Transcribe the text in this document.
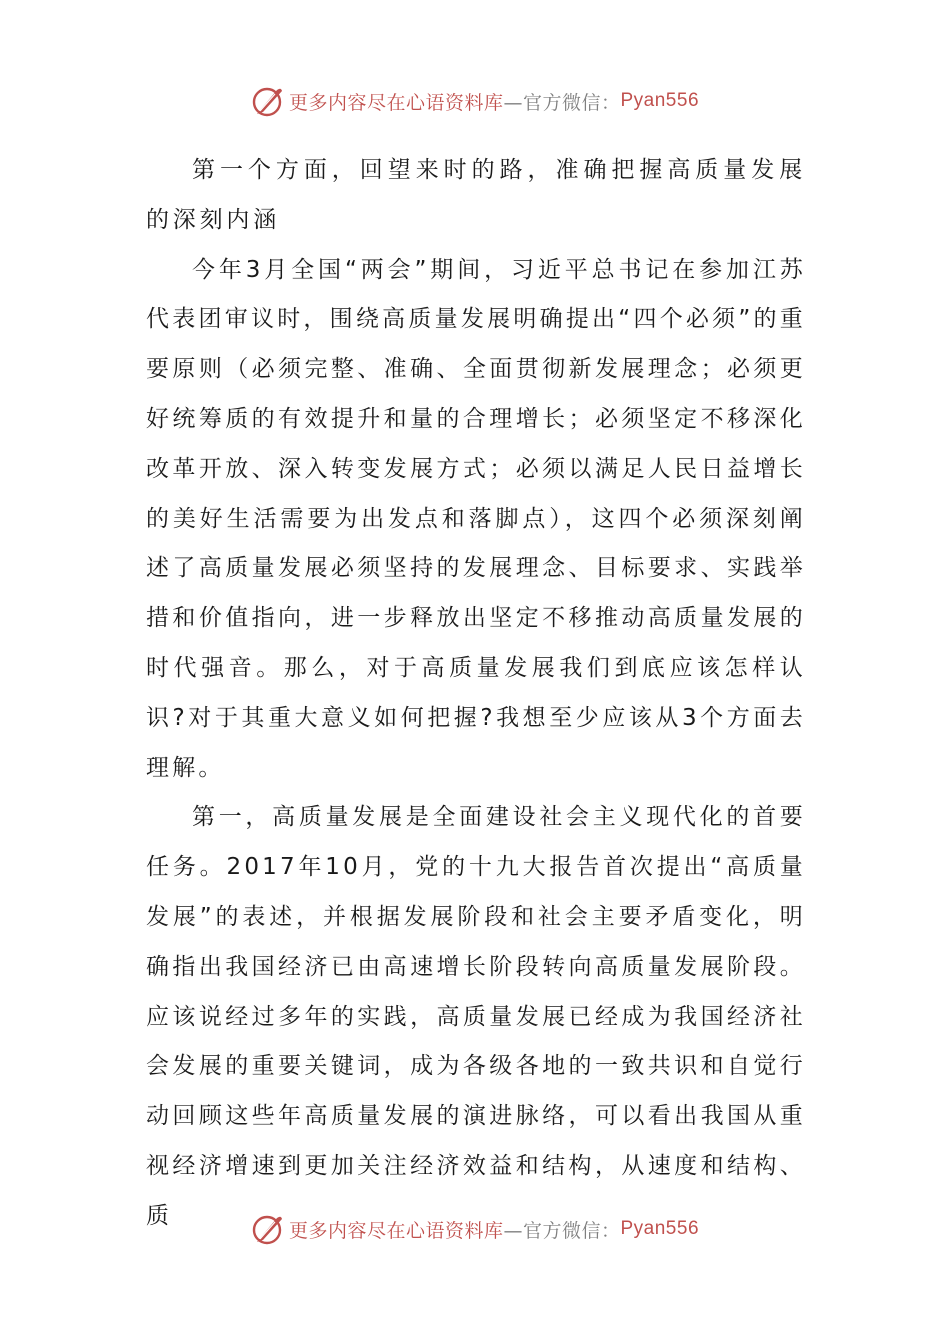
更多内容尽在心语资料库 —官方微信： Pyan556

第一个方面，回望来时的路，准确把握高质量发展的深刻内涵

今年3月全国“两会”期间，习近平总书记在参加江苏代表团审议时，围绕高质量发展明确提出“四个必须”的重要原则（必须完整、准确、全面贯彻新发展理念；必须更好统筹质的有效提升和量的合理增长；必须坚定不移深化改革开放、深入转变发展方式；必须以满足人民日益增长的美好生活需要为出发点和落脚点），这四个必须深刻阐述了高质量发展必须坚持的发展理念、目标要求、实践举措和价值指向，进一步释放出坚定不移推动高质量发展的时代强音。那么，对于高质量发展我们到底应该怎样认识?对于其重大意义如何把握?我想至少应该从3个方面去理解。

第一，高质量发展是全面建设社会主义现代化的首要任务。2017年10月，党的十九大报告首次提出“高质量发展”的表述，并根据发展阶段和社会主要矛盾变化，明确指出我国经济已由高速增长阶段转向高质量发展阶段。应该说经过多年的实践，高质量发展已经成为我国经济社会发展的重要关键词，成为各级各地的一致共识和自觉行动回顾这些年高质量发展的演进脉络，可以看出我国从重视经济增速到更加关注经济效益和结构，从速度和结构、质

更多内容尽在心语资料库 —官方微信： Pyan556
